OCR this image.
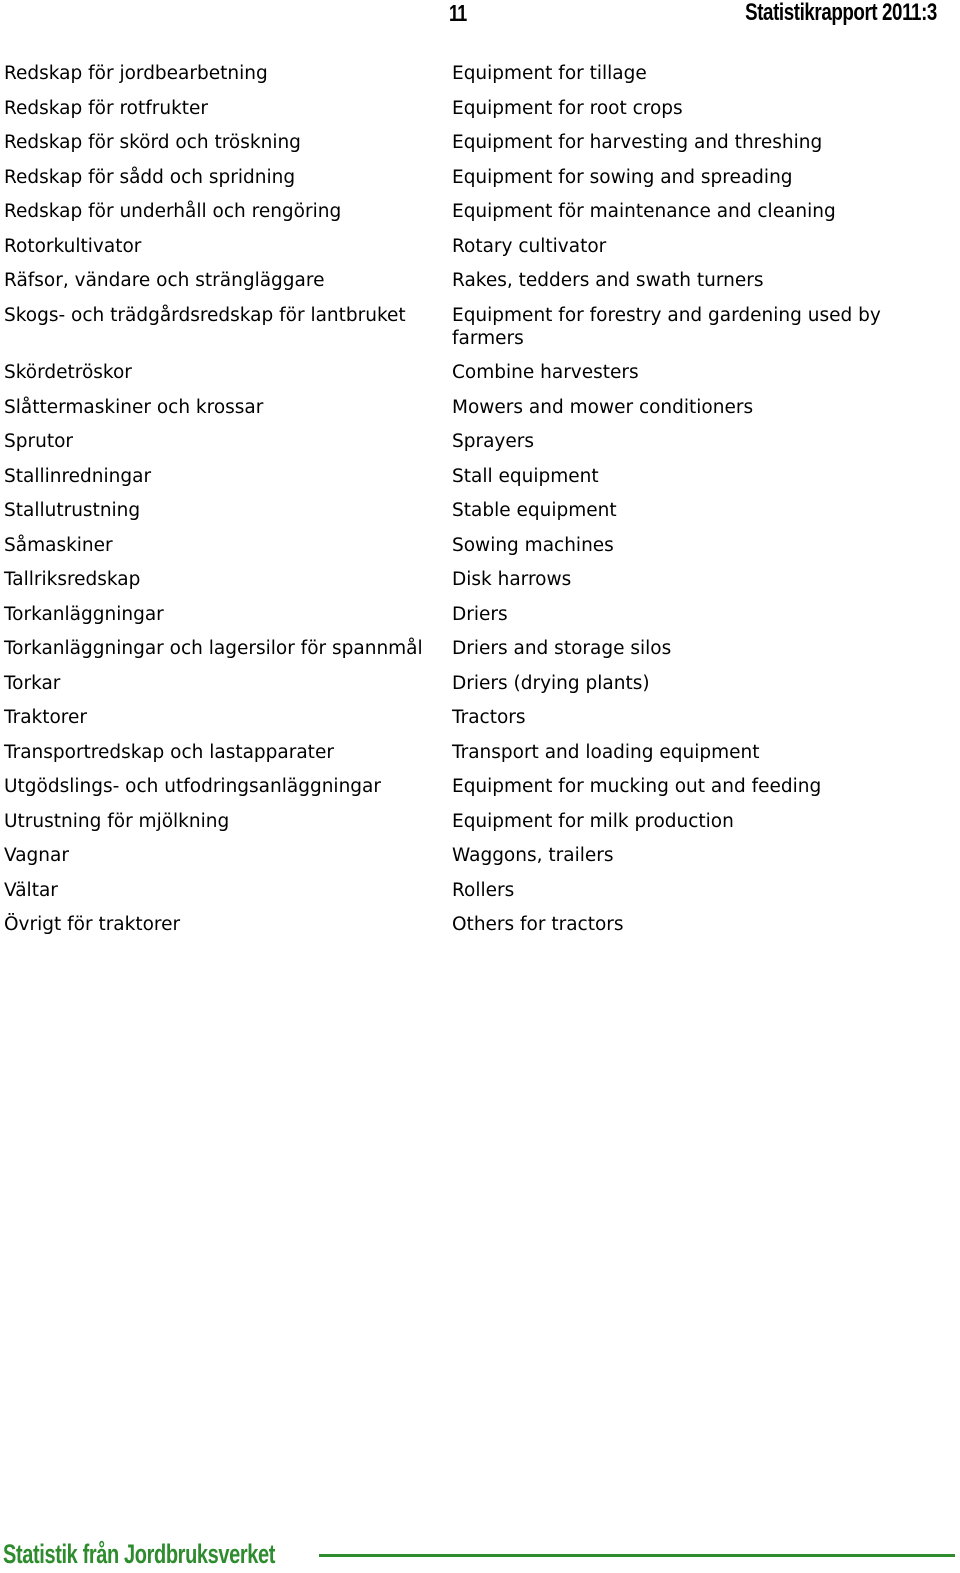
11	Statistikrapport 2011:3
Redskap för jordbearbetning	Equipment for tillage
Redskap för rotfrukter	Equipment for root crops
Redskap för skörd och tröskning	Equipment for harvesting and threshing
Redskap för sådd och spridning	Equipment for sowing and spreading
Redskap för underhåll och rengöring	Equipment för maintenance and cleaning
Rotorkultivator	Rotary cultivator
Räfsor, vändare och strängläggare	Rakes, tedders and swath turners
Skogs- och trädgårdsredskap för lantbruket	Equipment for forestry and gardening used by farmers
Skördetröskor	Combine harvesters
Slåttermaskiner och krossar	Mowers and mower conditioners
Sprutor	Sprayers
Stallinredningar	Stall equipment
Stallutrustning	Stable equipment
Såmaskiner	Sowing machines
Tallriksredskap	Disk harrows
Torkanläggningar	Driers
Torkanläggningar och lagersilor för spannmål	Driers and storage silos
Torkar	Driers (drying plants)
Traktorer	Tractors
Transportredskap och lastapparater	Transport and loading equipment
Utgödslings- och utfodringsanläggningar	Equipment for mucking out and feeding
Utrustning för mjölkning	Equipment for milk production
Vagnar	Waggons, trailers
Vältar	Rollers
Övrigt för traktorer	Others for tractors
Statistik från Jordbruksverket
